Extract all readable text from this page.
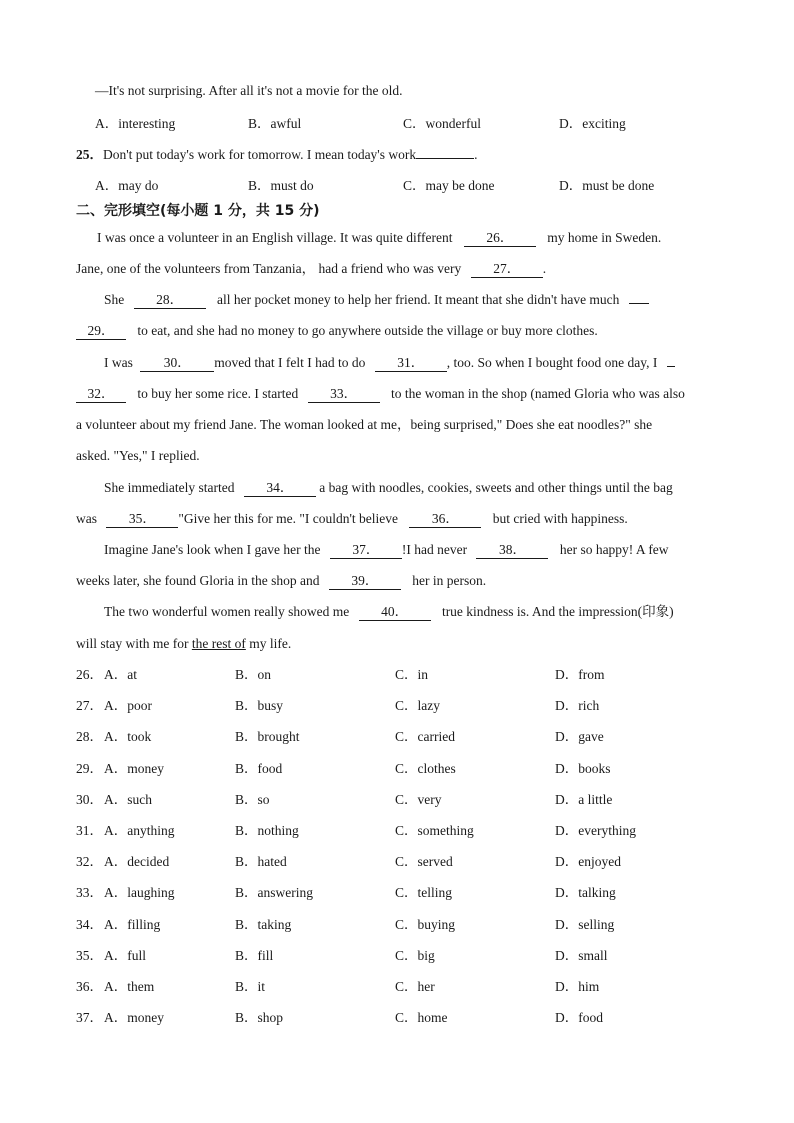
—It's not surprising. After all it's not a movie for the old.
A．interesting	B．awful	C．wonderful	D．exciting
25．Don't put today's work for tomorrow. I mean today's work	.
A．may do	B．must do	C．may be done	D．must be done
二、完形填空(每小题 1 分，共 15 分)
I was once a volunteer in an English village. It was quite different	26．	my home in Sweden.
Jane, one of the volunteers from Tanzania， had a friend who was very 27． .
She 28．	all her pocket money to help her friend. It meant that she didn't have much
29． to eat, and she had no money to go anywhere outside the village or buy more clothes.
I was 30． moved that I felt I had to do 31． , too. So when I bought food one day, I
32． to buy her some rice. I started 33．	to the woman in the shop (named Gloria who was also
a volunteer about my friend Jane. The woman looked at me，being surprised," Does she eat noodles?" she
asked. "Yes," I replied.
She immediately started 34． a bag with noodles, cookies, sweets and other things until the bag
was 35． "Give her this for me. "I couldn't believe	36．	but cried with happiness.
Imagine Jane's look when I gave her the 37． !I had never 38．	her so happy! A few
weeks later, she found Gloria in the shop and 39．	her in person.
The two wonderful women really showed me 40．	true kindness is. And the impression(印象)
will stay with me for the rest of my life.
26． A．at	B．on	C．in	D．from
27． A．poor	B．busy	C．lazy	D．rich
28． A．took	B．brought	C．carried	D．gave
29． A．money	B．food	C．clothes	D．books
30． A．such	B．so	C．very	D．a little
31． A．anything	B．nothing	C．something	D．everything
32． A．decided	B．hated	C．served	D．enjoyed
33． A．laughing	B．answering	C．telling	D．talking
34． A．filling	B．taking	C．buying	D．selling
35． A．full	B．fill	C．big	D．small
36． A．them	B．it	C．her	D．him
37． A．money	B．shop	C．home	D．food
